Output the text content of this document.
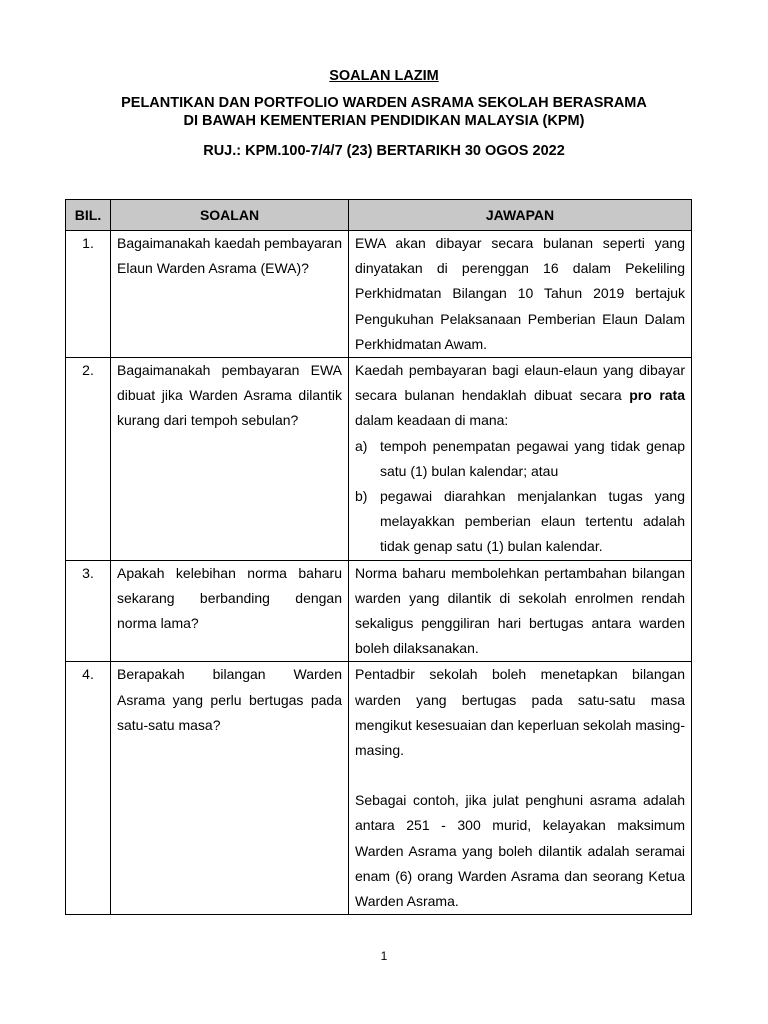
SOALAN LAZIM
PELANTIKAN DAN PORTFOLIO WARDEN ASRAMA SEKOLAH BERASRAMA
DI BAWAH KEMENTERIAN PENDIDIKAN MALAYSIA (KPM)
RUJ.: KPM.100-7/4/7 (23) BERTARIKH 30 OGOS 2022
BIL.	SOALAN	JAWAPAN
1.	Bagaimanakah kaedah pembayaran Elaun Warden Asrama (EWA)?	EWA akan dibayar secara bulanan seperti yang dinyatakan di perenggan 16 dalam Pekeliling Perkhidmatan Bilangan 10 Tahun 2019 bertajuk Pengukuhan Pelaksanaan Pemberian Elaun Dalam Perkhidmatan Awam.
2.	Bagaimanakah pembayaran EWA dibuat jika Warden Asrama dilantik kurang dari tempoh sebulan?	Kaedah pembayaran bagi elaun-elaun yang dibayar secara bulanan hendaklah dibuat secara pro rata dalam keadaan di mana:
a) tempoh penempatan pegawai yang tidak genap satu (1) bulan kalendar; atau
b) pegawai diarahkan menjalankan tugas yang melayakkan pemberian elaun tertentu adalah tidak genap satu (1) bulan kalendar.

3.	Apakah kelebihan norma baharu sekarang berbanding dengan norma lama?	Norma baharu membolehkan pertambahan bilangan warden yang dilantik di sekolah enrolmen rendah sekaligus penggiliran hari bertugas antara warden boleh dilaksanakan.
4.	Berapakah bilangan Warden Asrama yang perlu bertugas pada satu-satu masa?	Pentadbir sekolah boleh menetapkan bilangan warden yang bertugas pada satu-satu masa mengikut kesesuaian dan keperluan sekolah masing-masing.
Sebagai contoh, jika julat penghuni asrama adalah antara 251 - 300 murid, kelayakan maksimum Warden Asrama yang boleh dilantik adalah seramai enam (6) orang Warden Asrama dan seorang Ketua Warden Asrama.
1
